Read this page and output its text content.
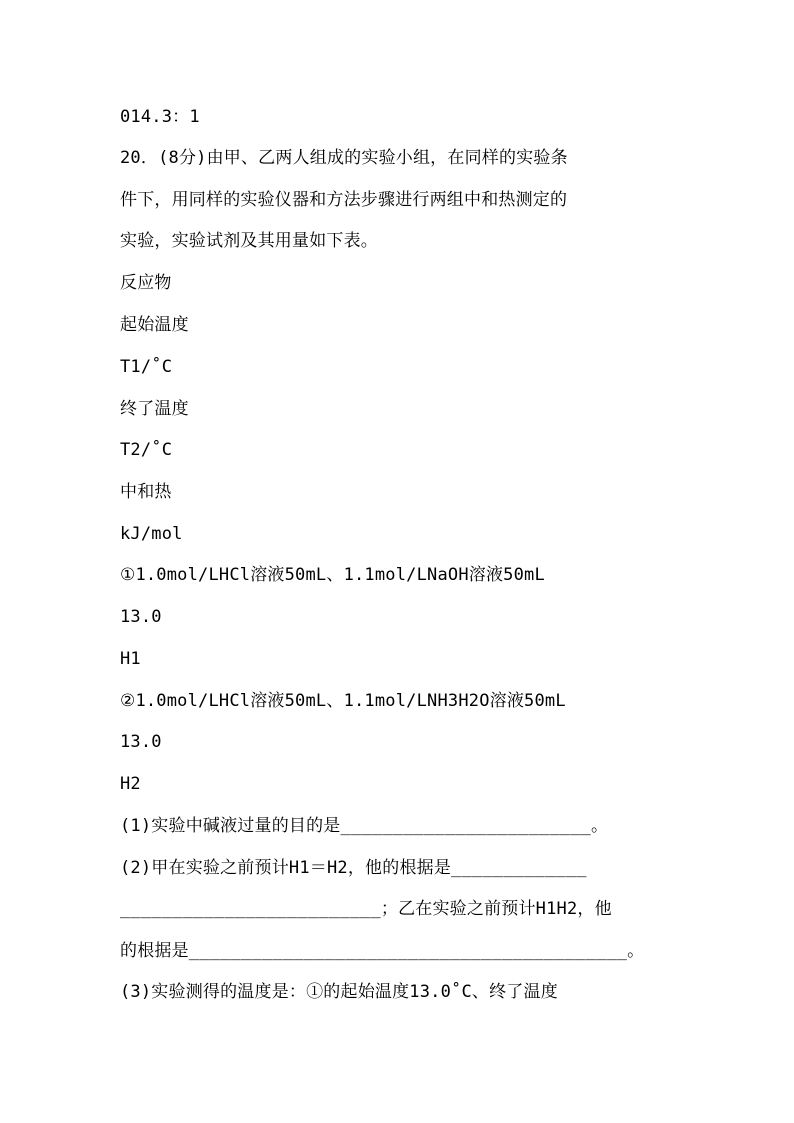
014.3：1
20．(8分)由甲、乙两人组成的实验小组，在同样的实验条
件下，用同样的实验仪器和方法步骤进行两组中和热测定的
实验，实验试剂及其用量如下表。
反应物
起始温度
T1/˚C
终了温度
T2/˚C
中和热
kJ/mol
①1.0mol/LHCl溶液50mL、1.1mol/LNaOH溶液50mL
13.0
H1
②1.0mol/LHCl溶液50mL、1.1mol/LNH3H2O溶液50mL
13.0
H2
(1)实验中碱液过量的目的是________________________。
(2)甲在实验之前预计H1＝H2，他的根据是_____________
_________________________；乙在实验之前预计H1H2，他
的根据是__________________________________________。
(3)实验测得的温度是：①的起始温度13.0˚C、终了温度
